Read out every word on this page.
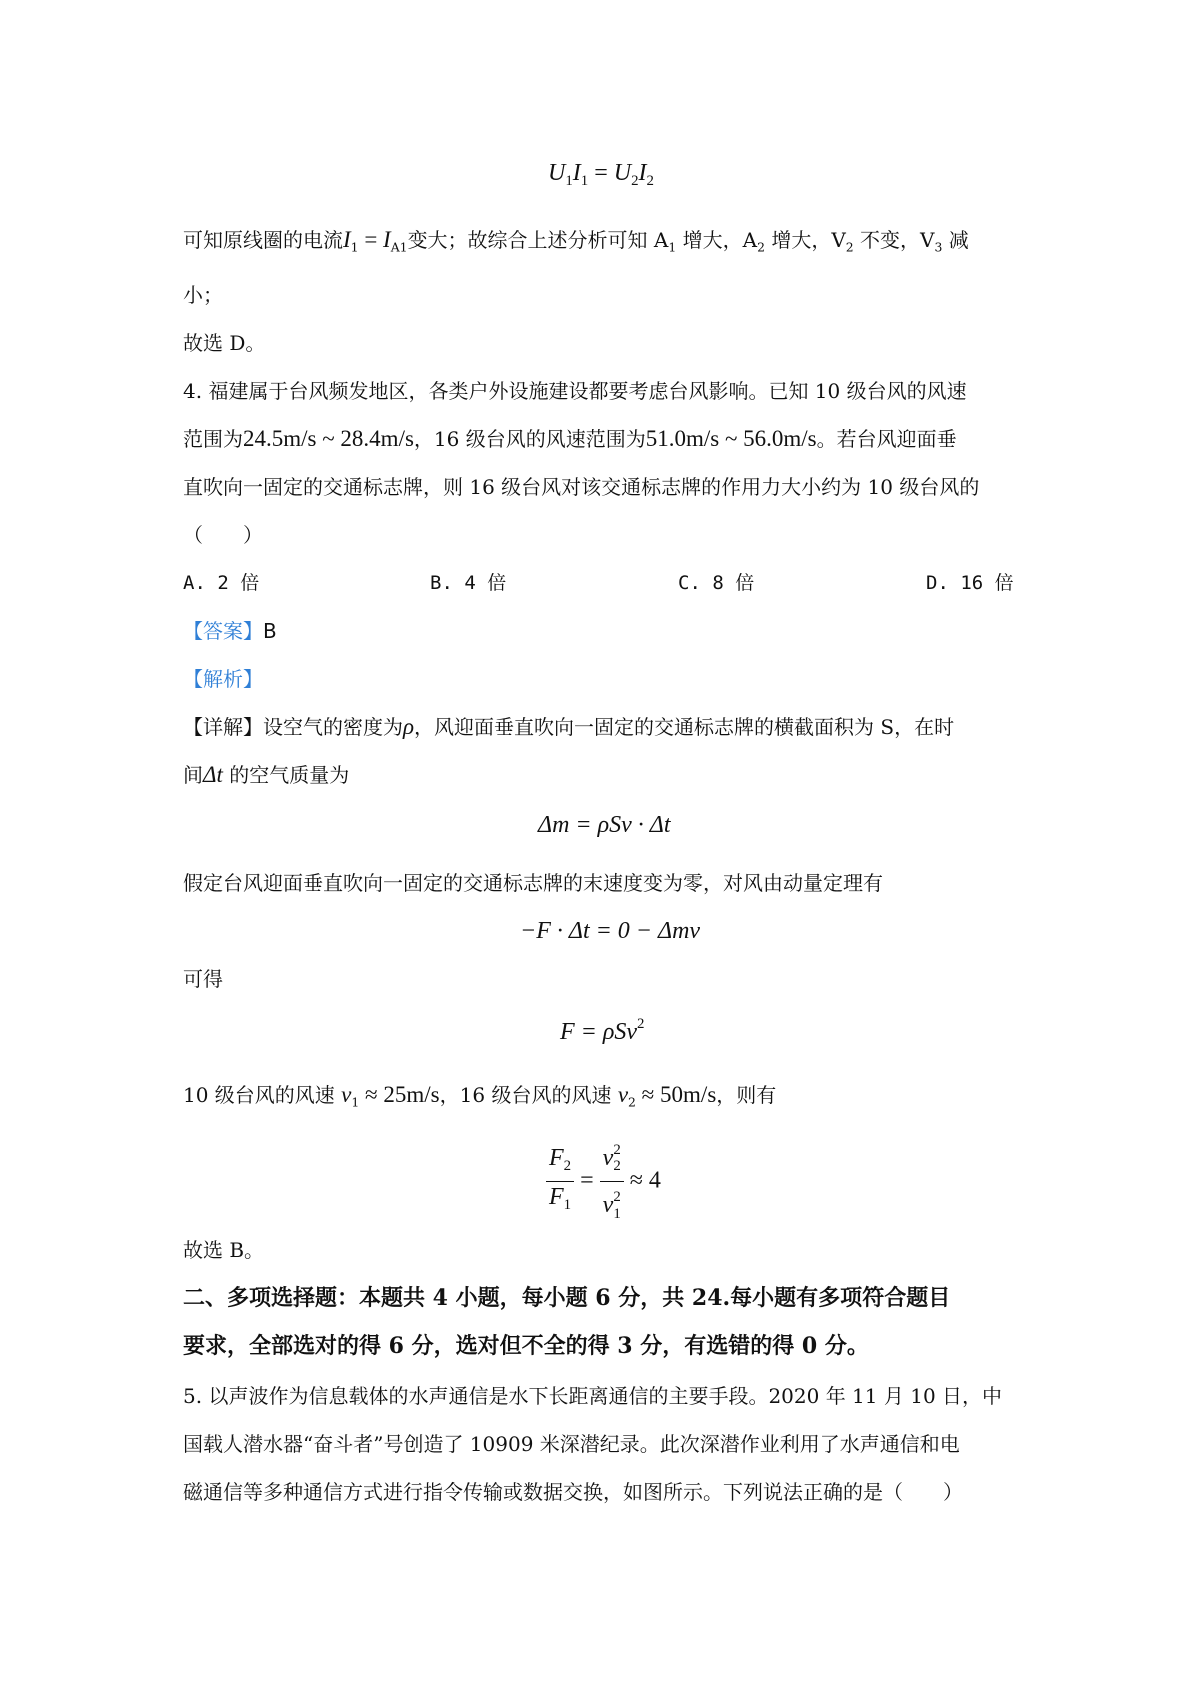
$U_1I_1 = U_2I_2$
可知原线圈的电流$I_1 = I_{A1}$变大；故综合上述分析可知 $A_1$ 增大，$A_2$ 增大，$V_2$ 不变，$V_3$ 减
小；
故选 D。
4. 福建属于台风频发地区，各类户外设施建设都要考虑台风影响。已知 10 级台风的风速
范围为24.5m/s ~ 28.4m/s，16 级台风的风速范围为51.0m/s ~ 56.0m/s。若台风迎面垂
直吹向一固定的交通标志牌，则 16 级台风对该交通标志牌的作用力大小约为 10 级台风的
（　　）
A. 2 倍	B. 4 倍	C. 8 倍	D. 16 倍
【答案】B
【解析】
【详解】设空气的密度为ρ，风迎面垂直吹向一固定的交通标志牌的横截面积为 S，在时
间Δt 的空气质量为
Δm = ρSv · Δt
假定台风迎面垂直吹向一固定的交通标志牌的末速度变为零，对风由动量定理有
−F · Δt = 0 − Δmv
可得
F = ρSv$^2$
10 级台风的风速 $v_1 \approx 25m/s$，16 级台风的风速 $v_2 \approx 50m/s$，则有
$\frac{F_2}{F_1} = \frac{v^2_2}{v^2_1} \approx 4$
故选 B。
二、多项选择题：本题共 4 小题，每小题 6 分，共 24.每小题有多项符合题目
要求，全部选对的得 6 分，选对但不全的得 3 分，有选错的得 0 分。
5. 以声波作为信息载体的水声通信是水下长距离通信的主要手段。2020 年 11 月 10 日，中
国载人潜水器“奋斗者”号创造了 10909 米深潜纪录。此次深潜作业利用了水声通信和电
磁通信等多种通信方式进行指令传输或数据交换，如图所示。下列说法正确的是（　　）
